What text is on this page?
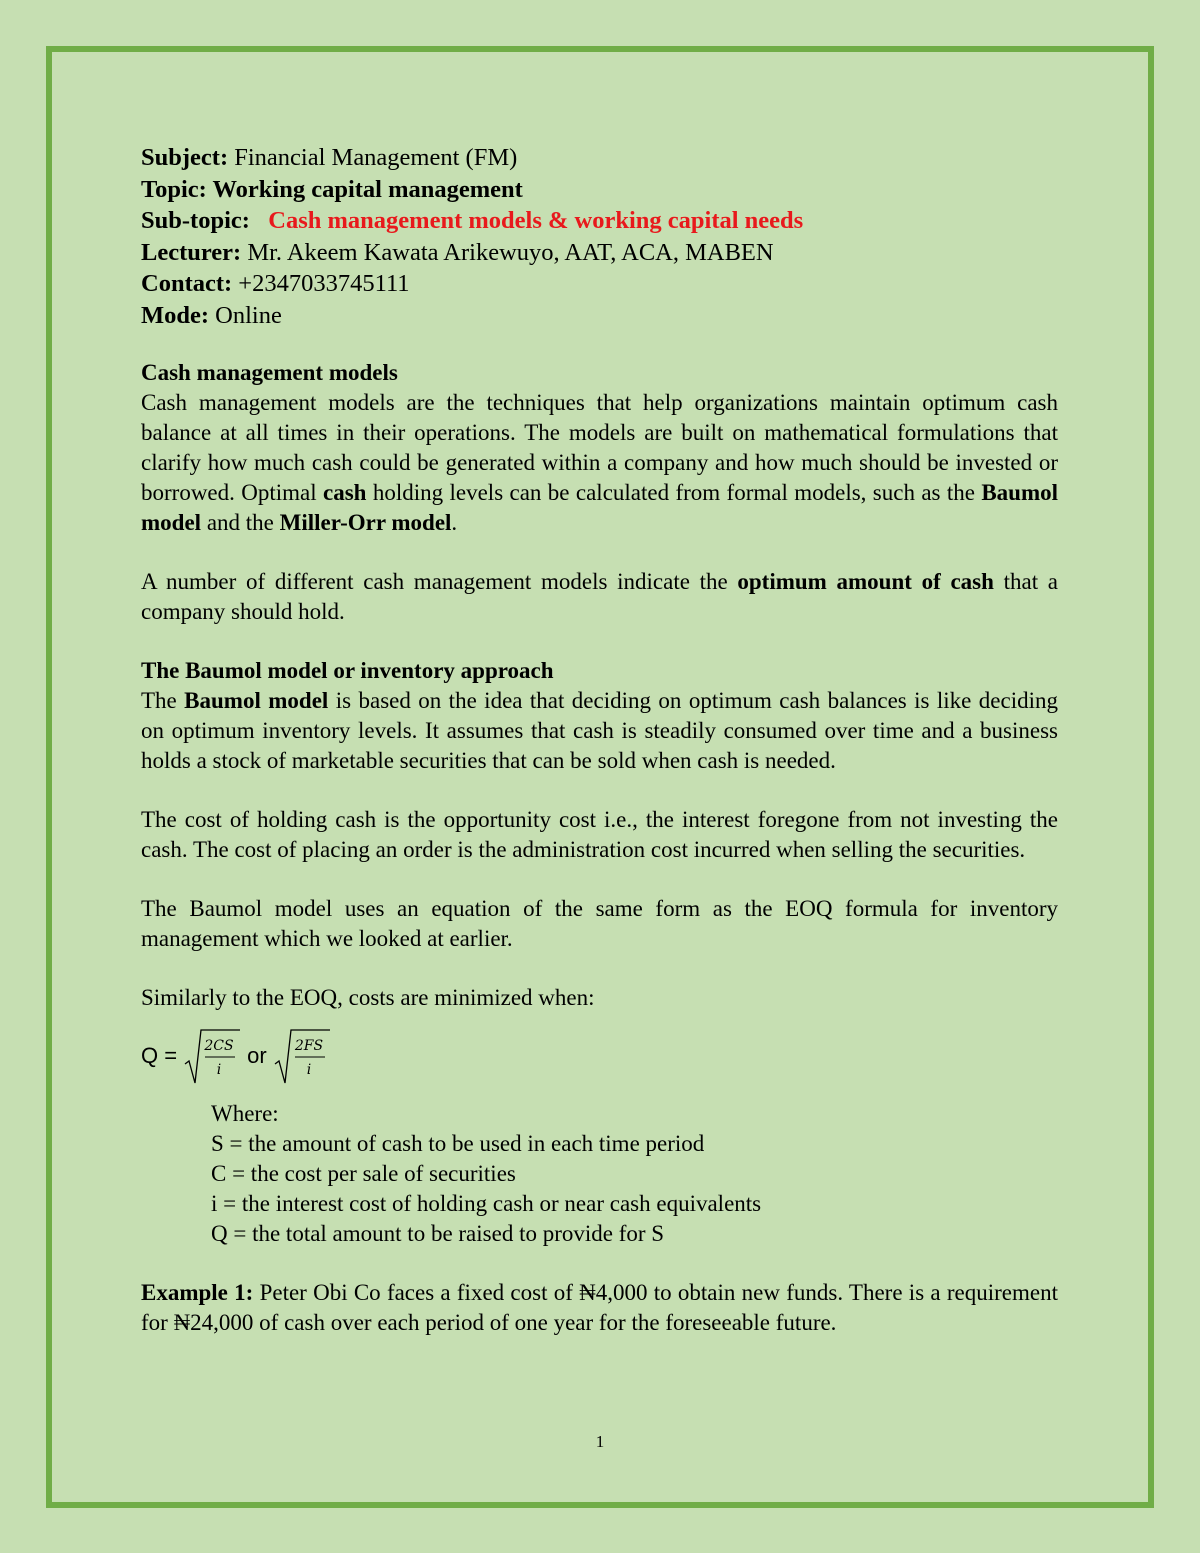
Subject: Financial Management (FM)
Topic: Working capital management
Sub-topic: Cash management models & working capital needs
Lecturer: Mr. Akeem Kawata Arikewuyo, AAT, ACA, MABEN
Contact: +2347033745111
Mode: Online
Cash management models

Cash management models are the techniques that help organizations maintain optimum cash balance at all times in their operations. The models are built on mathematical formulations that clarify how much cash could be generated within a company and how much should be invested or borrowed. Optimal cash holding levels can be calculated from formal models, such as the Baumol model and the Miller-Orr model.

A number of different cash management models indicate the optimum amount of cash that a company should hold.

The Baumol model or inventory approach

The Baumol model is based on the idea that deciding on optimum cash balances is like deciding on optimum inventory levels. It assumes that cash is steadily consumed over time and a business holds a stock of marketable securities that can be sold when cash is needed.

The cost of holding cash is the opportunity cost i.e., the interest foregone from not investing the cash. The cost of placing an order is the administration cost incurred when selling the securities.

The Baumol model uses an equation of the same form as the EOQ formula for inventory management which we looked at earlier.

Similarly to the EOQ, costs are minimized when:

Q = 2CS
i
or 2FS
i
Where:
S = the amount of cash to be used in each time period
C = the cost per sale of securities
i = the interest cost of holding cash or near cash equivalents
Q = the total amount to be raised to provide for S

Example 1: Peter Obi Co faces a fixed cost of ₦4,000 to obtain new funds. There is a requirement for ₦24,000 of cash over each period of one year for the foreseeable future.

1
